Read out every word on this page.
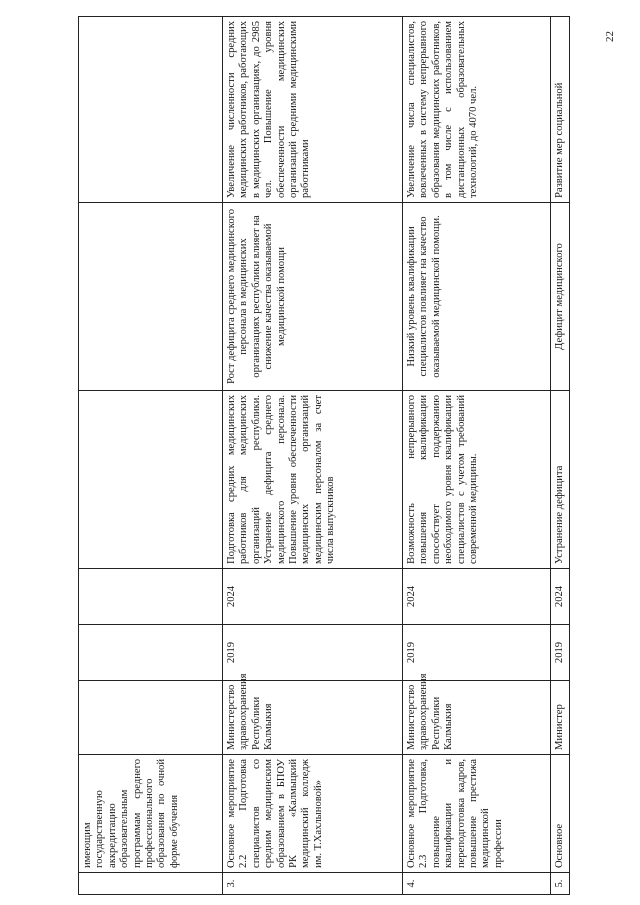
22
	имеющим государственную аккредитацию образовательным программам среднего профессионального образования по очной форме обучения						
3.	Основное мероприятие 2.2 Подготовка специалистов со средним медицинским образованием в БПОУ РК «Калмыцкий медицинский колледж им. Т.Хахлыновой»	Министерство здравоохранения Республики Калмыкия	2019	2024	Подготовка средних медицинских работников для медицинских организаций республики. Устранение дефицита среднего медицинского персонала. Повышение уровня обеспеченности медицинских организаций медицинским персоналом за счет числа выпускников	Рост дефицита среднего медицинского персонала в медицинских организациях республики влияет на снижение качества оказываемой медицинской помощи	Увеличение численности средних медицинских работников, работающих в медицинских организациях, до 2985 чел. Повышение уровня обеспеченности медицинских организаций средними медицинскими работниками
4.	Основное мероприятие 2.3 Подготовка, повышение квалификации и переподготовка кадров, повышение престижа медицинской профессии	Министерство здравоохранения Республики Калмыкия	2019	2024	Возможность непрерывного повышения квалификации способствует поддержанию необходимого уровня квалификации специалистов с учетом требований современной медицины.	Низкий уровень квалификации специалистов повлияет на качество оказываемой медицинской помощи.	Увеличение числа специалистов, вовлеченных в систему непрерывного образования медицинских работников, в том числе с использованием дистанционных образовательных технологий, до 4070 чел.
5.	Основное	Министер	2019	2024	Устранение дефицита	Дефицит медицинского	Развитие мер социальной
